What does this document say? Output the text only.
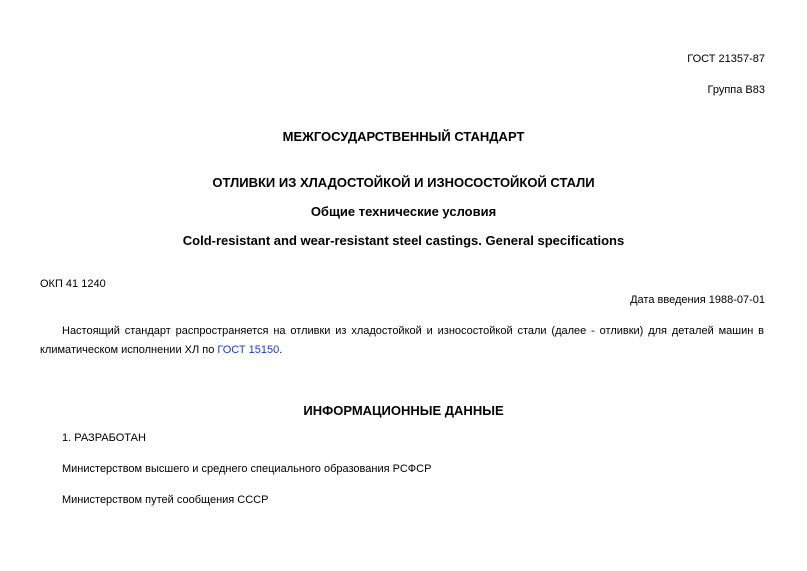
ГОСТ 21357-87
Группа В83
МЕЖГОСУДАРСТВЕННЫЙ СТАНДАРТ
ОТЛИВКИ ИЗ ХЛАДОСТОЙКОЙ И ИЗНОСОСТОЙКОЙ СТАЛИ
Общие технические условия
Cold-resistant and wear-resistant steel castings. General specifications
ОКП 41 1240
Дата введения 1988-07-01
Настоящий стандарт распространяется на отливки из хладостойкой и износостойкой стали (далее - отливки) для деталей машин в климатическом исполнении ХЛ по ГОСТ 15150.
ИНФОРМАЦИОННЫЕ ДАННЫЕ
1. РАЗРАБОТАН
Министерством высшего и среднего специального образования РСФСР
Министерством путей сообщения СССР
